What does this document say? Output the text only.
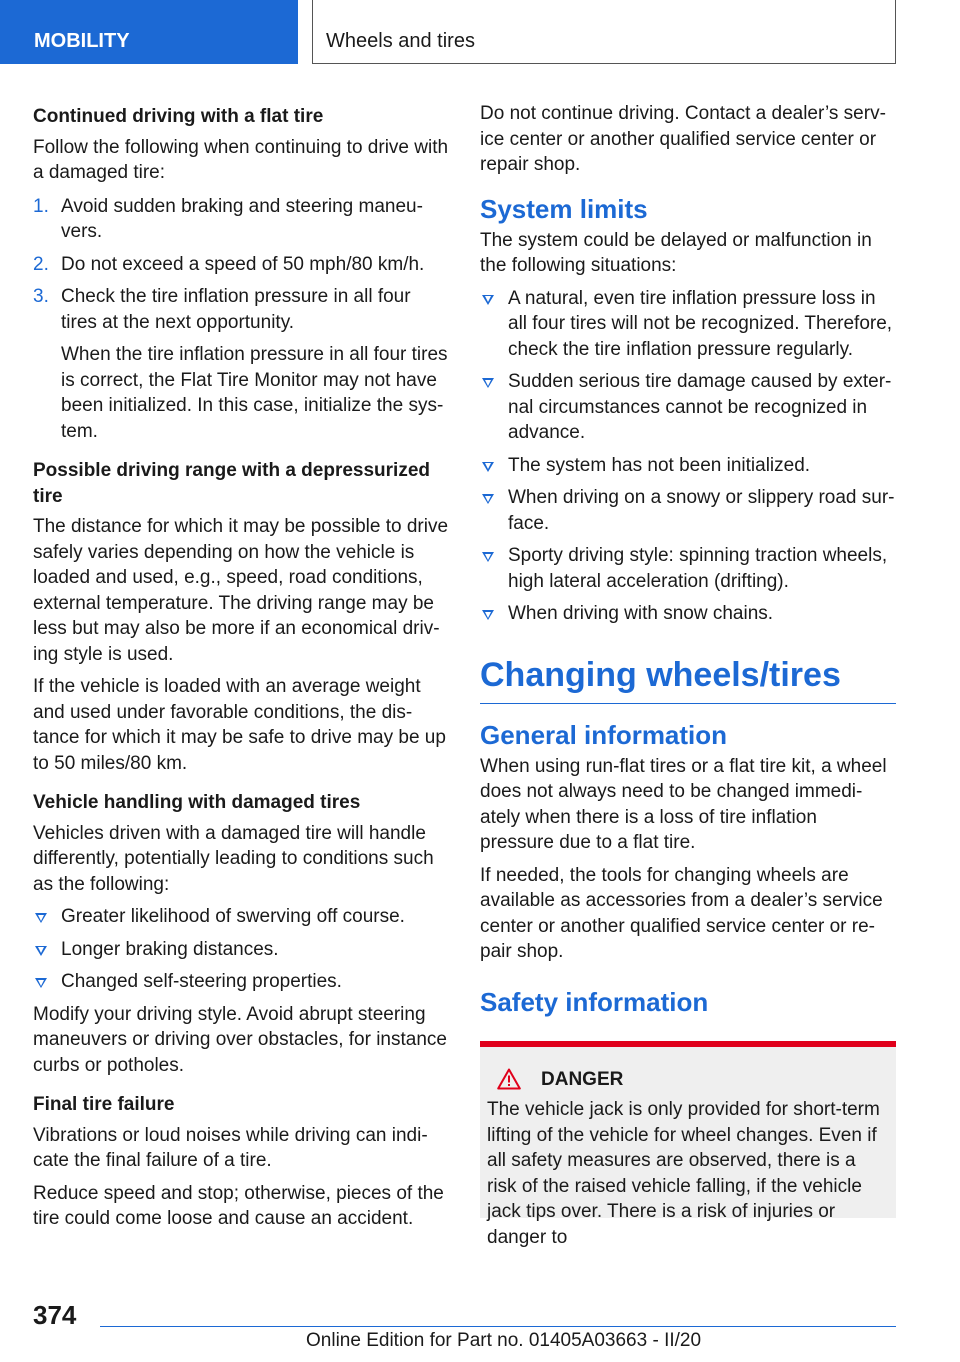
MOBILITY	Wheels and tires

Continued driving with a flat tire

Follow the following when continuing to drive with a damaged tire:

1. Avoid sudden braking and steering maneu‐vers.
2. Do not exceed a speed of 50 mph/80 km/h.
3. Check the tire inflation pressure in all four tires at the next opportunity.

When the tire inflation pressure in all four tires is correct, the Flat Tire Monitor may not have been initialized. In this case, initialize the sys‐tem.

Possible driving range with a depressurized tire

The distance for which it may be possible to drive safely varies depending on how the vehicle is loaded and used, e.g., speed, road conditions, external temperature. The driving range may be less but may also be more if an economical driv‐ing style is used.

If the vehicle is loaded with an average weight and used under favorable conditions, the dis‐tance for which it may be safe to drive may be up to 50 miles/80 km.

Vehicle handling with damaged tires

Vehicles driven with a damaged tire will handle differently, potentially leading to conditions such as the following:

Greater likelihood of swerving off course.
Longer braking distances.
Changed self-steering properties.

Modify your driving style. Avoid abrupt steering maneuvers or driving over obstacles, for instance curbs or potholes.

Final tire failure

Vibrations or loud noises while driving can indi‐cate the final failure of a tire.

Reduce speed and stop; otherwise, pieces of the tire could come loose and cause an accident.

Do not continue driving. Contact a dealer’s serv‐ice center or another qualified service center or repair shop.

System limits

The system could be delayed or malfunction in the following situations:

A natural, even tire inflation pressure loss in all four tires will not be recognized. Therefore, check the tire inflation pressure regularly.
Sudden serious tire damage caused by exter‐nal circumstances cannot be recognized in advance.
The system has not been initialized.
When driving on a snowy or slippery road sur‐face.
Sporty driving style: spinning traction wheels, high lateral acceleration (drifting).
When driving with snow chains.
Changing wheels/tires
General information

When using run-flat tires or a flat tire kit, a wheel does not always need to be changed immedi‐ately when there is a loss of tire inflation pressure due to a flat tire.

If needed, the tools for changing wheels are available as accessories from a dealer’s service center or another qualified service center or re‐pair shop.

Safety information
DANGER

The vehicle jack is only provided for short-term lifting of the vehicle for wheel changes. Even if all safety measures are observed, there is a risk of the raised vehicle falling, if the vehicle jack tips over. There is a risk of injuries or danger to

374
Online Edition for Part no. 01405A03663 - II/20
